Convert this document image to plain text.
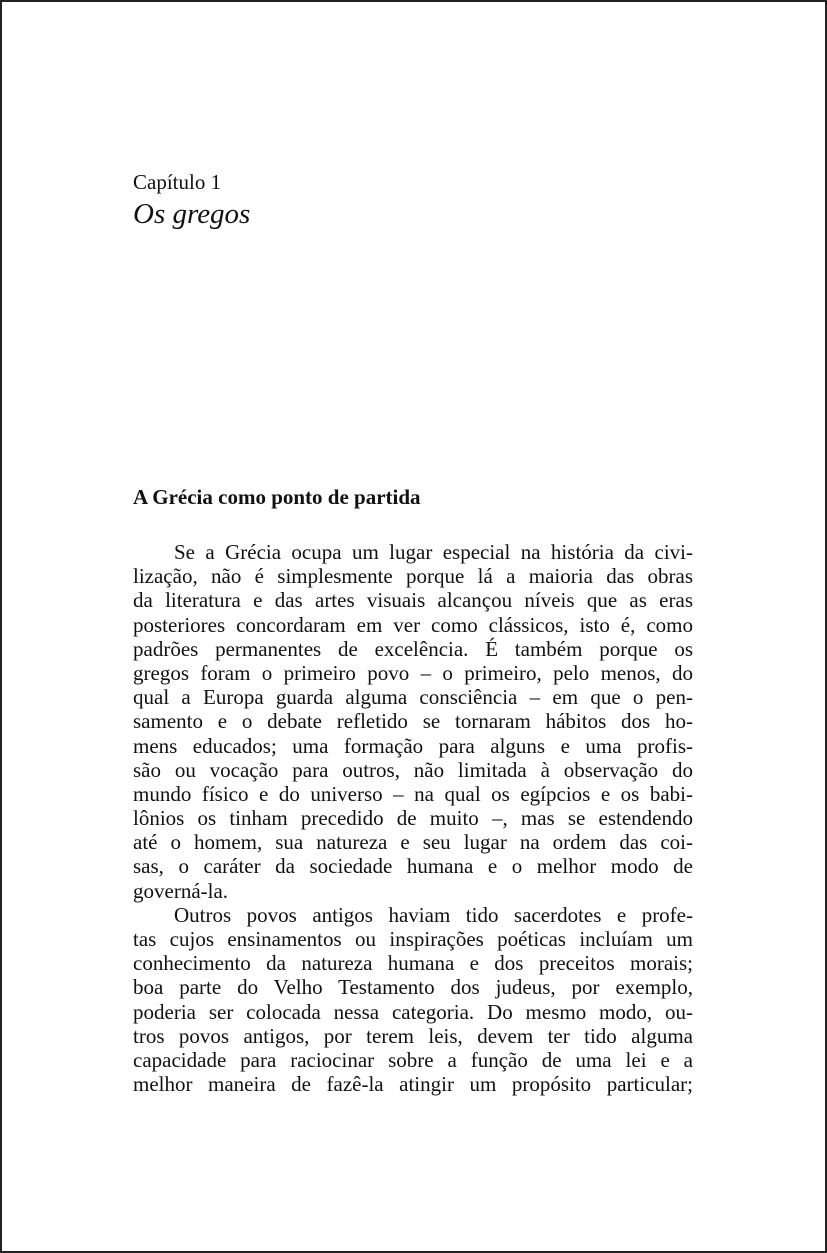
Capítulo 1
Os gregos
A Grécia como ponto de partida
Se a Grécia ocupa um lugar especial na história da civi-
lização, não é simplesmente porque lá a maioria das obras
da literatura e das artes visuais alcançou níveis que as eras
posteriores concordaram em ver como clássicos, isto é, como
padrões permanentes de excelência. É também porque os
gregos foram o primeiro povo – o primeiro, pelo menos, do
qual a Europa guarda alguma consciência – em que o pen-
samento e o debate refletido se tornaram hábitos dos ho-
mens educados; uma formação para alguns e uma profis-
são ou vocação para outros, não limitada à observação do
mundo físico e do universo – na qual os egípcios e os babi-
lônios os tinham precedido de muito –, mas se estendendo
até o homem, sua natureza e seu lugar na ordem das coi-
sas, o caráter da sociedade humana e o melhor modo de
governá-la.
Outros povos antigos haviam tido sacerdotes e profe-
tas cujos ensinamentos ou inspirações poéticas incluíam um
conhecimento da natureza humana e dos preceitos morais;
boa parte do Velho Testamento dos judeus, por exemplo,
poderia ser colocada nessa categoria. Do mesmo modo, ou-
tros povos antigos, por terem leis, devem ter tido alguma
capacidade para raciocinar sobre a função de uma lei e a
melhor maneira de fazê-la atingir um propósito particular;
